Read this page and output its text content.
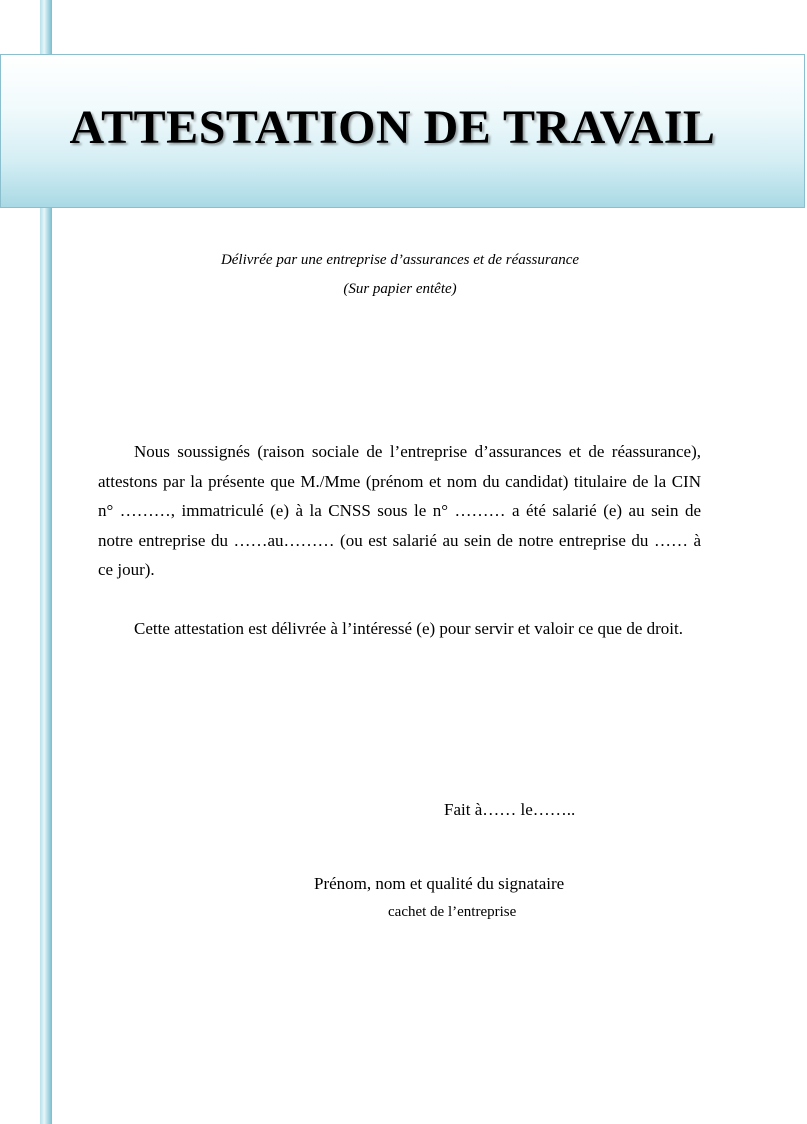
ATTESTATION DE TRAVAIL
Délivrée par une entreprise d’assurances et de réassurance
(Sur papier entête)

Nous soussignés (raison sociale de l’entreprise d’assurances et de réassurance), attestons par la présente que M./Mme (prénom et nom du candidat) titulaire de la CIN n° ………, immatriculé (e) à la CNSS sous le n° ……… a été salarié (e) au sein de notre entreprise du ……au……… (ou est salarié au sein de notre entreprise du …… à ce jour).

Cette attestation est délivrée à l’intéressé (e) pour servir et valoir ce que de droit.

Fait à…… le……..
Prénom, nom et qualité du signataire
cachet de l’entreprise
